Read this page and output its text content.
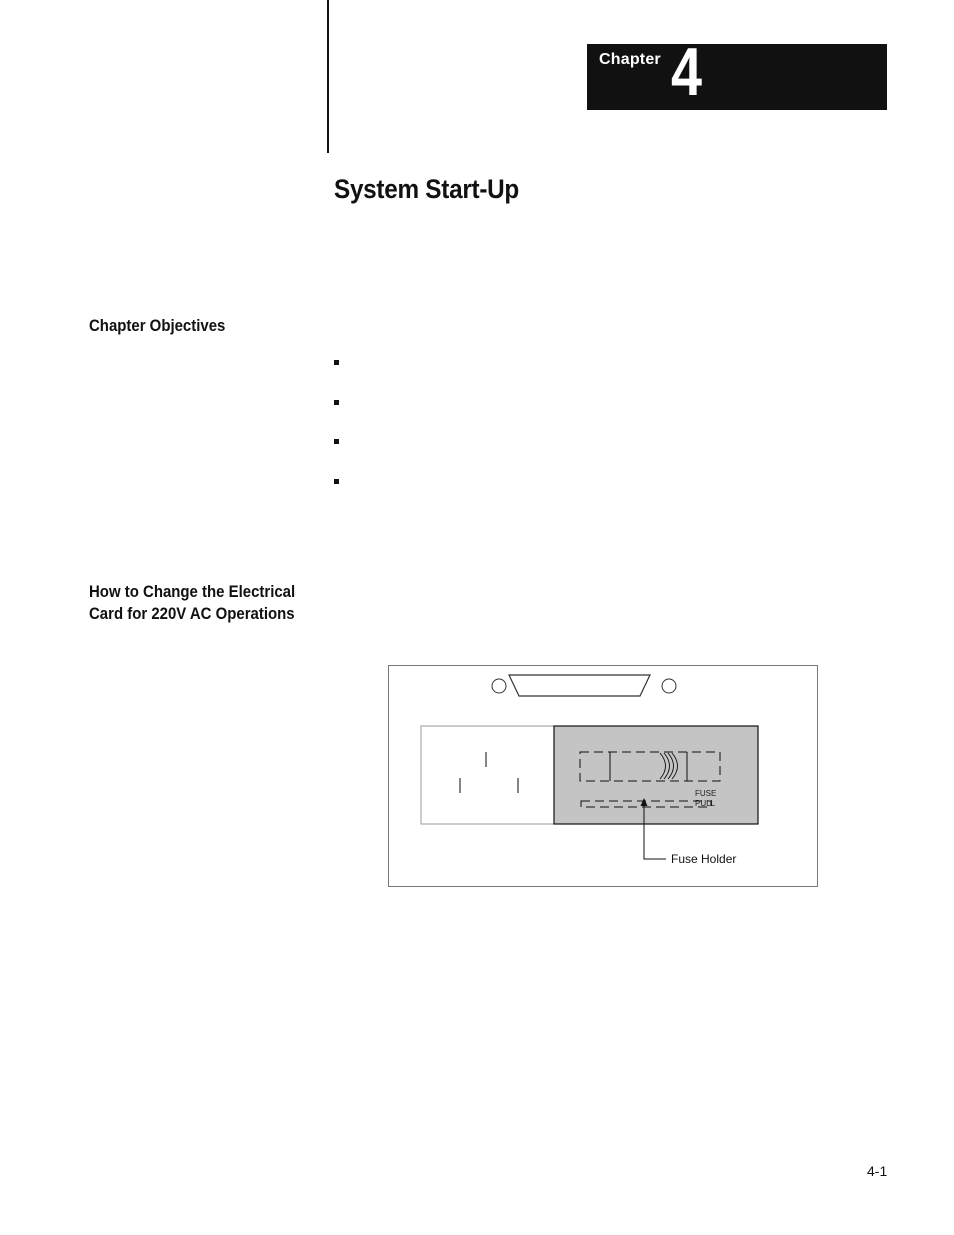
Chapter 4
System Start-Up
Chapter Objectives
How to Change the Electrical
Card for 220V AC Operations
FUSE
PULL
Fuse Holder
4-1
